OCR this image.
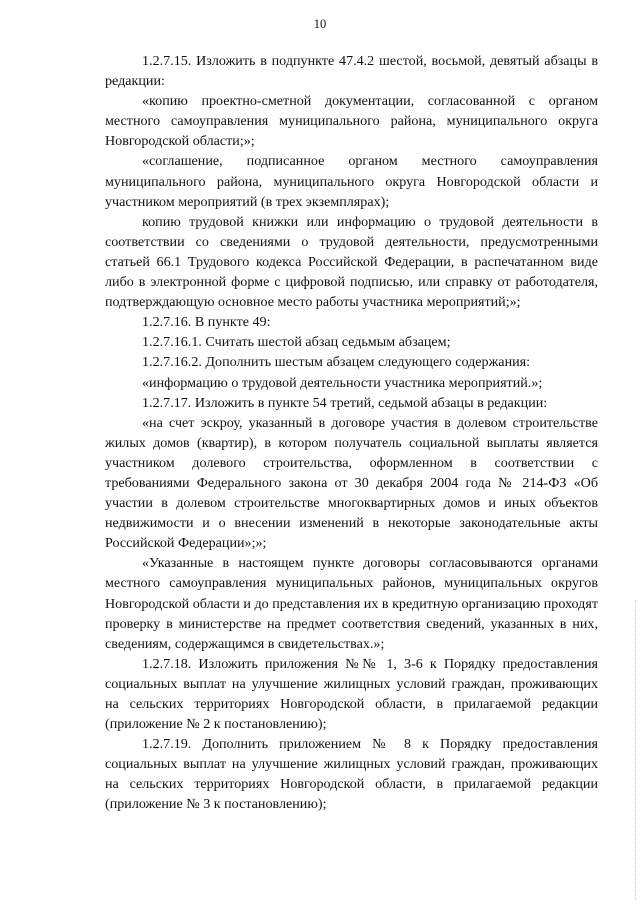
10

1.2.7.15. Изложить в подпункте 47.4.2 шестой, восьмой, девятый абзацы в редакции:

«копию проектно-сметной документации, согласованной с органом местного самоуправления муниципального района, муниципального округа Новгородской области;»;

«соглашение, подписанное органом местного самоуправления муниципального района, муниципального округа Новгородской области и участником мероприятий (в трех экземплярах);

копию трудовой книжки или информацию о трудовой деятельности в соответствии со сведениями о трудовой деятельности, предусмотренными статьей 66.1 Трудового кодекса Российской Федерации, в распечатанном виде либо в электронной форме с цифровой подписью, или справку от работодателя, подтверждающую основное место работы участника мероприятий;»;

1.2.7.16. В пункте 49:

1.2.7.16.1. Считать шестой абзац седьмым абзацем;

1.2.7.16.2. Дополнить шестым абзацем следующего содержания:

«информацию о трудовой деятельности участника мероприятий.»;

1.2.7.17. Изложить в пункте 54 третий, седьмой абзацы в редакции:

«на счет эскроу, указанный в договоре участия в долевом строительстве жилых домов (квартир), в котором получатель социальной выплаты является участником долевого строительства, оформленном в соответствии с требованиями Федерального закона от 30 декабря 2004 года № 214-ФЗ «Об участии в долевом строительстве многоквартирных домов и иных объектов недвижимости и о внесении изменений в некоторые законодательные акты Российской Федерации»;»;

«Указанные в настоящем пункте договоры согласовываются органами местного самоуправления муниципальных районов, муниципальных округов Новгородской области и до представления их в кредитную организацию проходят проверку в министерстве на предмет соответствия сведений, указанных в них, сведениям, содержащимся в свидетельствах.»;

1.2.7.18. Изложить приложения №№ 1, 3-6 к Порядку предоставления социальных выплат на улучшение жилищных условий граждан, проживающих на сельских территориях Новгородской области, в прилагаемой редакции (приложение № 2 к постановлению);

1.2.7.19. Дополнить приложением № 8 к Порядку предоставления социальных выплат на улучшение жилищных условий граждан, проживающих на сельских территориях Новгородской области, в прилагаемой редакции (приложение № 3 к постановлению);
